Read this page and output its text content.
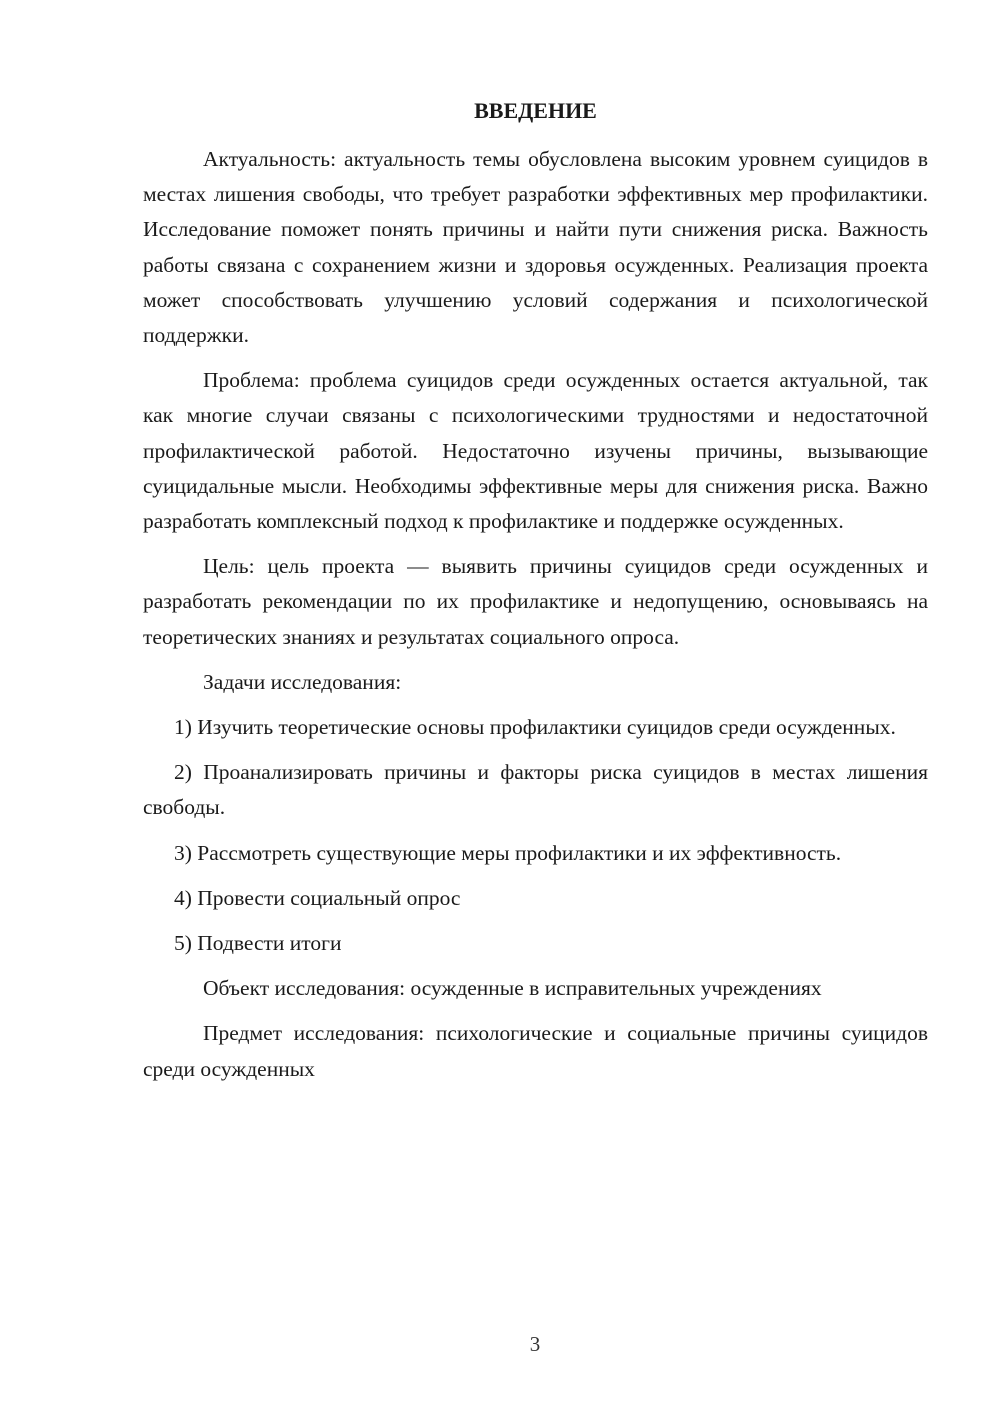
ВВЕДЕНИЕ

Актуальность: актуальность темы обусловлена высоким уровнем суицидов в местах лишения свободы, что требует разработки эффективных мер профилактики. Исследование поможет понять причины и найти пути снижения риска. Важность работы связана с сохранением жизни и здоровья осужденных. Реализация проекта может способствовать улучшению условий содержания и психологической поддержки.

Проблема: проблема суицидов среди осужденных остается актуальной, так как многие случаи связаны с психологическими трудностями и недостаточной профилактической работой. Недостаточно изучены причины, вызывающие суицидальные мысли. Необходимы эффективные меры для снижения риска. Важно разработать комплексный подход к профилактике и поддержке осужденных.

Цель: цель проекта — выявить причины суицидов среди осужденных и разработать рекомендации по их профилактике и недопущению, основываясь на теоретических знаниях и результатах социального опроса.

Задачи исследования:

1) Изучить теоретические основы профилактики суицидов среди осужденных.

2) Проанализировать причины и факторы риска суицидов в местах лишения свободы.

3) Рассмотреть существующие меры профилактики и их эффективность.

4) Провести социальный опрос

5) Подвести итоги

Объект исследования: осужденные в исправительных учреждениях

Предмет исследования: психологические и социальные причины суицидов среди осужденных

3
